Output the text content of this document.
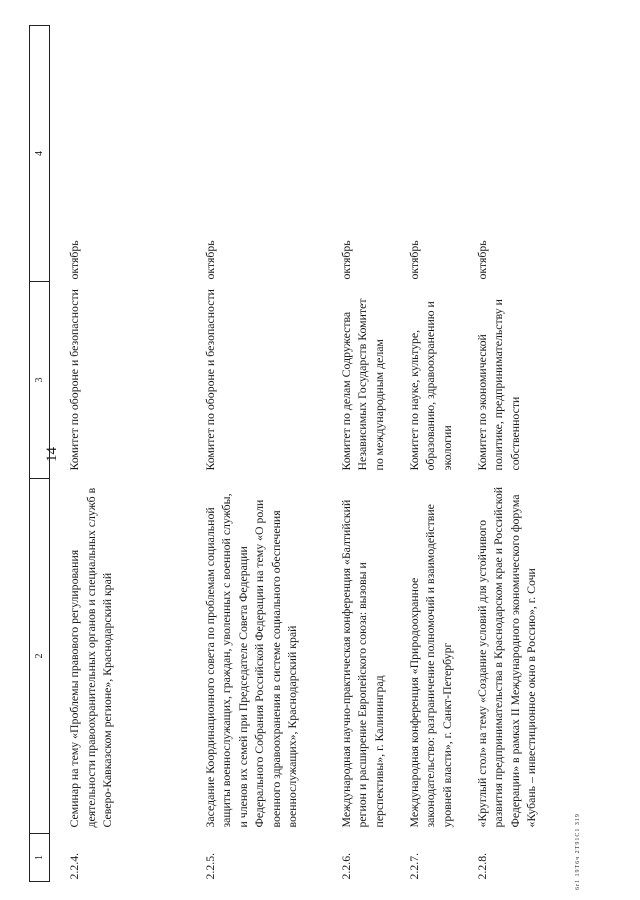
14
1	2	3	4
2.2.4.	Семинар на тему «Проблемы правового регулирования деятельности правоохранительных органов и специальных служб в Северо-Кавказском регионе», Краснодарский край	Комитет по обороне и безопасности	октябрь
2.2.5.	Заседание Координационного совета по проблемам социальной защиты военнослужащих, граждан, уволенных с военной службы, и членов их семей при Председателе Совета Федерации Федерального Собрания Российской Федерации на тему «О роли военного здравоохранения в системе социального обеспечения военнослужащих», Краснодарский край	Комитет по обороне и безопасности	октябрь
2.2.6.	Международная научно-практическая конференция «Балтийский регион и расширение Европейского союза: вызовы и перспективы», г. Калининград	Комитет по делам Содружества Независимых Государств Комитет по международным делам	октябрь
2.2.7.	Международная конференция «Природоохранное законодательство: разграничение полномочий и взаимодействие уровней власти», г. Санкт-Петербург	Комитет по науке, культуре, образованию, здравоохранению и экологии	октябрь
2.2.8.	«Круглый стол» на тему «Создание условий для устойчивого развития предпринимательства в Краснодарском крае и Российской Федерации» в рамках II Международного экономического форума «Кубань – инвестиционное окно в Россию», г. Сочи	Комитет по экономической политике, предпринимательству и собственности	октябрь
6r1 19Т6ч 2Т91С1 З19
